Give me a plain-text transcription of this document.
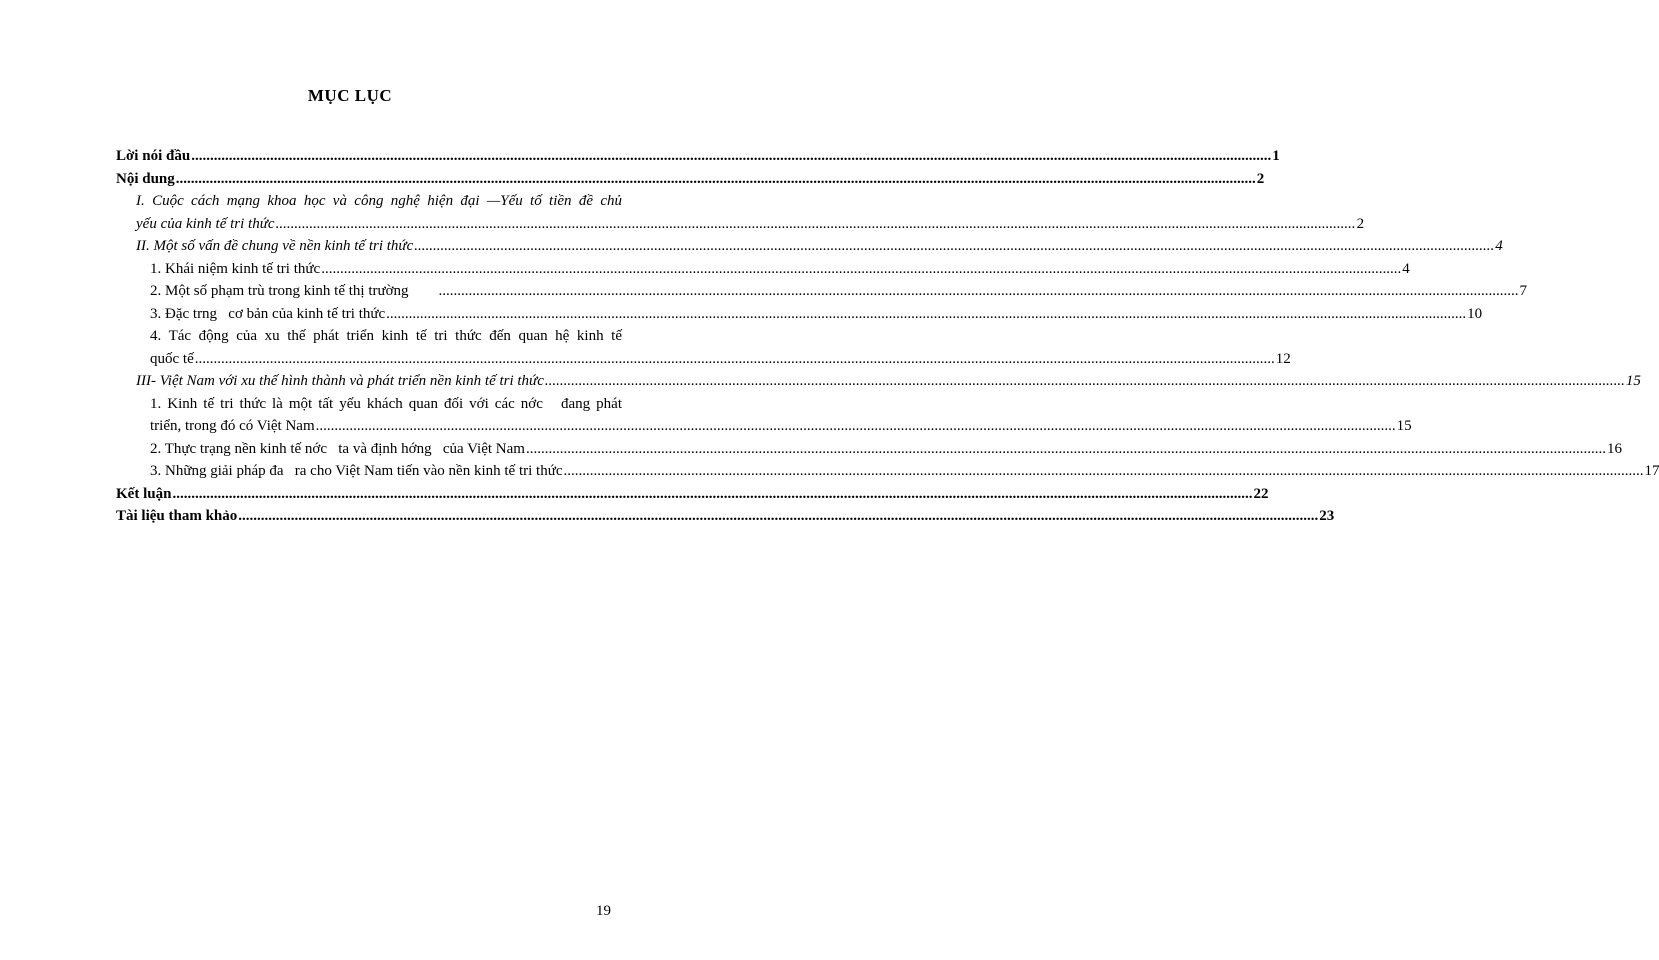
MỤC LỤC
Lời nói đầu .....	1
Nội dung .....	2
I. Cuộc cách mạng khoa học và công nghệ hiện đại —Yếu tố tiền đề chủ
yếu của kinh tế tri thức .....	2
II. Một số vấn đề chung về nền kinh tế tri thức .....	4
1. Khái niệm kinh tế tri thức .....	4
2. Một số phạm trù trong kinh tế thị trường .....	7
3. Đặc trng   cơ bản của kinh tế tri thức .....	10
4. Tác động của xu thế phát triển kinh tế tri thức đến quan hệ kinh tế
quốc tế .....	12
III- Việt Nam với xu thế hình thành và phát triển nền kinh tế tri thức .....	15
1. Kinh tế tri thức là một tất yếu khách quan đối với các nớc   đang phát
triển, trong đó có Việt Nam .....	15
2. Thực trạng nền kinh tế nớc   ta và định hớng   của Việt Nam .....	16
3. Những giải pháp đa   ra cho Việt Nam tiến vào nền kinh tế tri thức .....	17
Kết luận .....	22
Tài liệu tham khảo .....	23
19
